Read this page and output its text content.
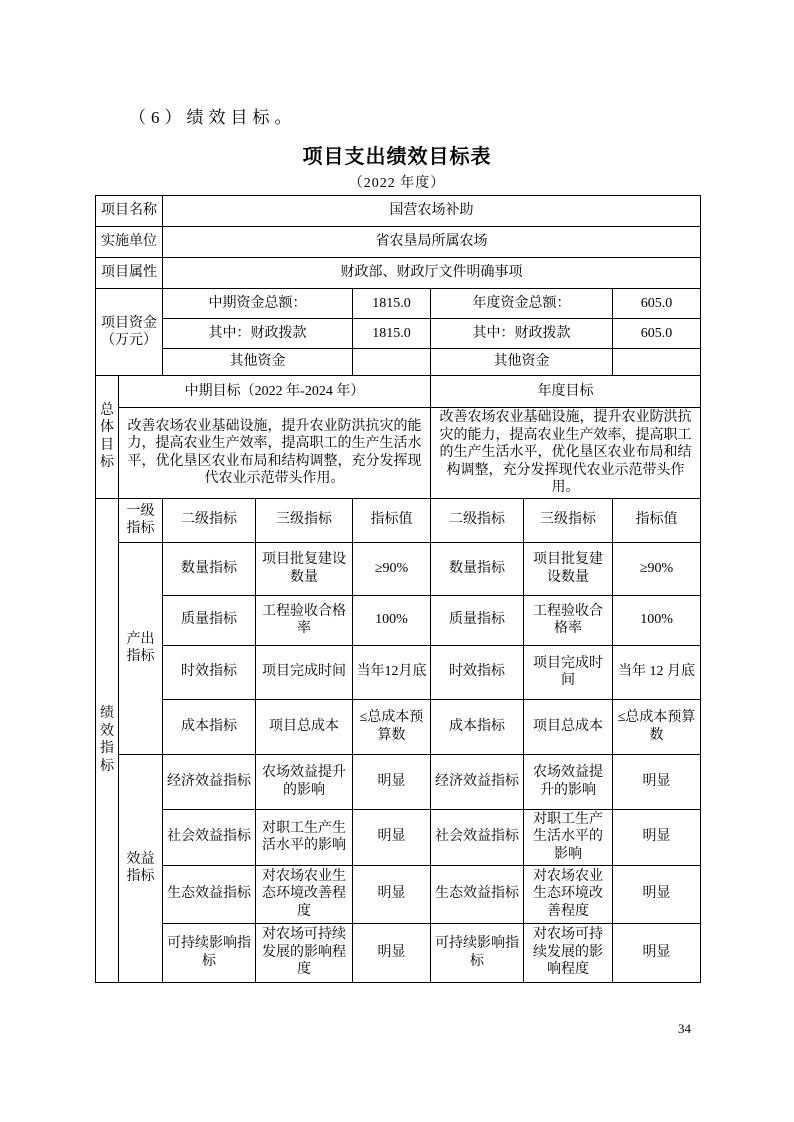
（6）绩效目标。
项目支出绩效目标表
（2022 年度）
项目名称		国营农场补助					
实施单位		省农垦局所属农场					
项目属性		财政部、财政厅文件明确事项					
项目资金（万元）		中期资金总额：		1815.0	年度资金总额：		605.0
		其中：财政拨款		1815.0	其中：财政拨款		605.0
		其他资金			其他资金		
总体目标	中期目标（2022 年-2024 年）				年度目标		
	改善农场农业基础设施，提升农业防洪抗灾的能力，提高农业生产效率，提高职工的生产生活水平，优化垦区农业布局和结构调整，充分发挥现代农业示范带头作用。				改善农场农业基础设施，提升农业防洪抗灾的能力，提高农业生产效率，提高职工的生产生活水平，优化垦区农业布局和结构调整，充分发挥现代农业示范带头作用。		
绩效指标	一级指标	二级指标	三级指标	指标值	二级指标	三级指标	指标值
	产出指标	数量指标	项目批复建设数量	≥90%	数量指标	项目批复建设数量	≥90%
		质量指标	工程验收合格率	100%	质量指标	工程验收合格率	100%
		时效指标	项目完成时间	当年12月底	时效指标	项目完成时间	当年 12 月底
		成本指标	项目总成本	≤总成本预算数	成本指标	项目总成本	≤总成本预算数
	效益指标	经济效益指标	农场效益提升的影响	明显	经济效益指标	农场效益提升的影响	明显
		社会效益指标	对职工生产生活水平的影响	明显	社会效益指标	对职工生产生活水平的影响	明显
		生态效益指标	对农场农业生态环境改善程度	明显	生态效益指标	对农场农业生态环境改善程度	明显
		可持续影响指标	对农场可持续发展的影响程度	明显	可持续影响指标	对农场可持续发展的影响程度	明显
34
